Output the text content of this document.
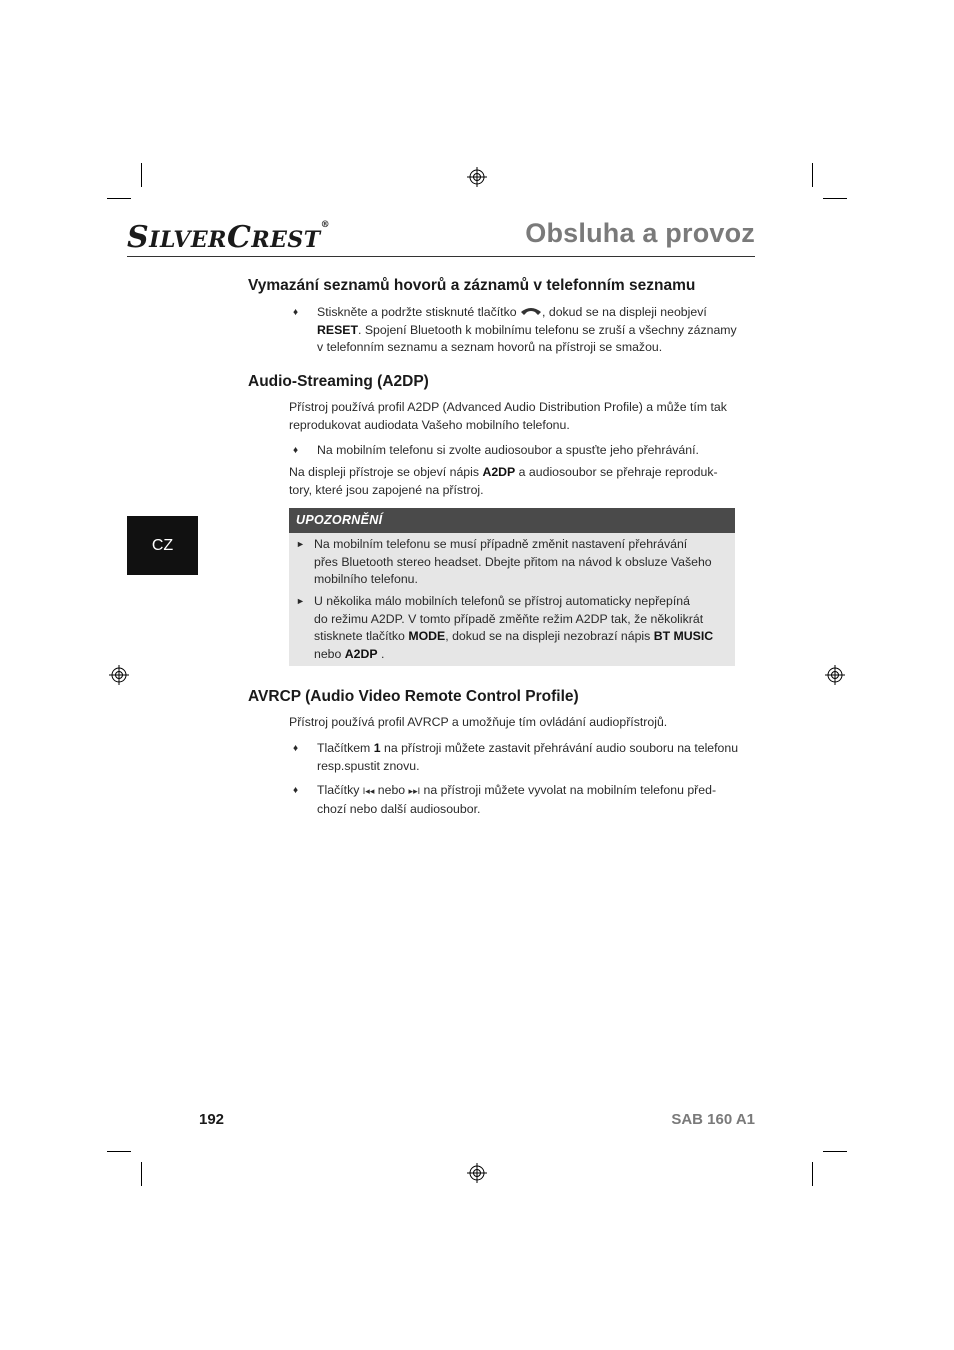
SILVERCREST®	Obsluha a provoz
CZ
Vymazání seznamů hovorů a záznamů v telefonním seznamu
♦ Stiskněte a podržte stisknuté tlačítko , dokud se na displeji neobjeví
RESET. Spojení Bluetooth k mobilnímu telefonu se zruší a všechny záznamy
v telefonním seznamu a seznam hovorů na přístroji se smažou.
Audio-Streaming (A2DP)
Přístroj používá profil A2DP (Advanced Audio Distribution Profile) a může tím tak
reprodukovat audiodata Vašeho mobilního telefonu.
♦ Na mobilním telefonu si zvolte audiosoubor a spusťte jeho přehrávání.
Na displeji přístroje se objeví nápis A2DP a audiosoubor se přehraje reproduk-
tory, které jsou zapojené na přístroj.
UPOZORNĚNÍ
► Na mobilním telefonu se musí případně změnit nastavení přehrávání
přes Bluetooth stereo headset. Dbejte přitom na návod k obsluze Vašeho
mobilního telefonu.
► U několika málo mobilních telefonů se přístroj automaticky nepřepíná
do režimu A2DP. V tomto případě změňte režim A2DP tak, že několikrát
stisknete tlačítko MODE, dokud se na displeji nezobrazí nápis BT MUSIC
nebo A2DP .
AVRCP (Audio Video Remote Control Profile)
Přístroj používá profil AVRCP a umožňuje tím ovládání audiopřístrojů.
♦ Tlačítkem 1 na přístroji můžete zastavit přehrávání audio souboru na telefonu
resp.spustit znovu.
♦ Tlačítky I◂◂ nebo ▸▸I na přístroji můžete vyvolat na mobilním telefonu před-
chozí nebo další audiosoubor.
192	SAB 160 A1
